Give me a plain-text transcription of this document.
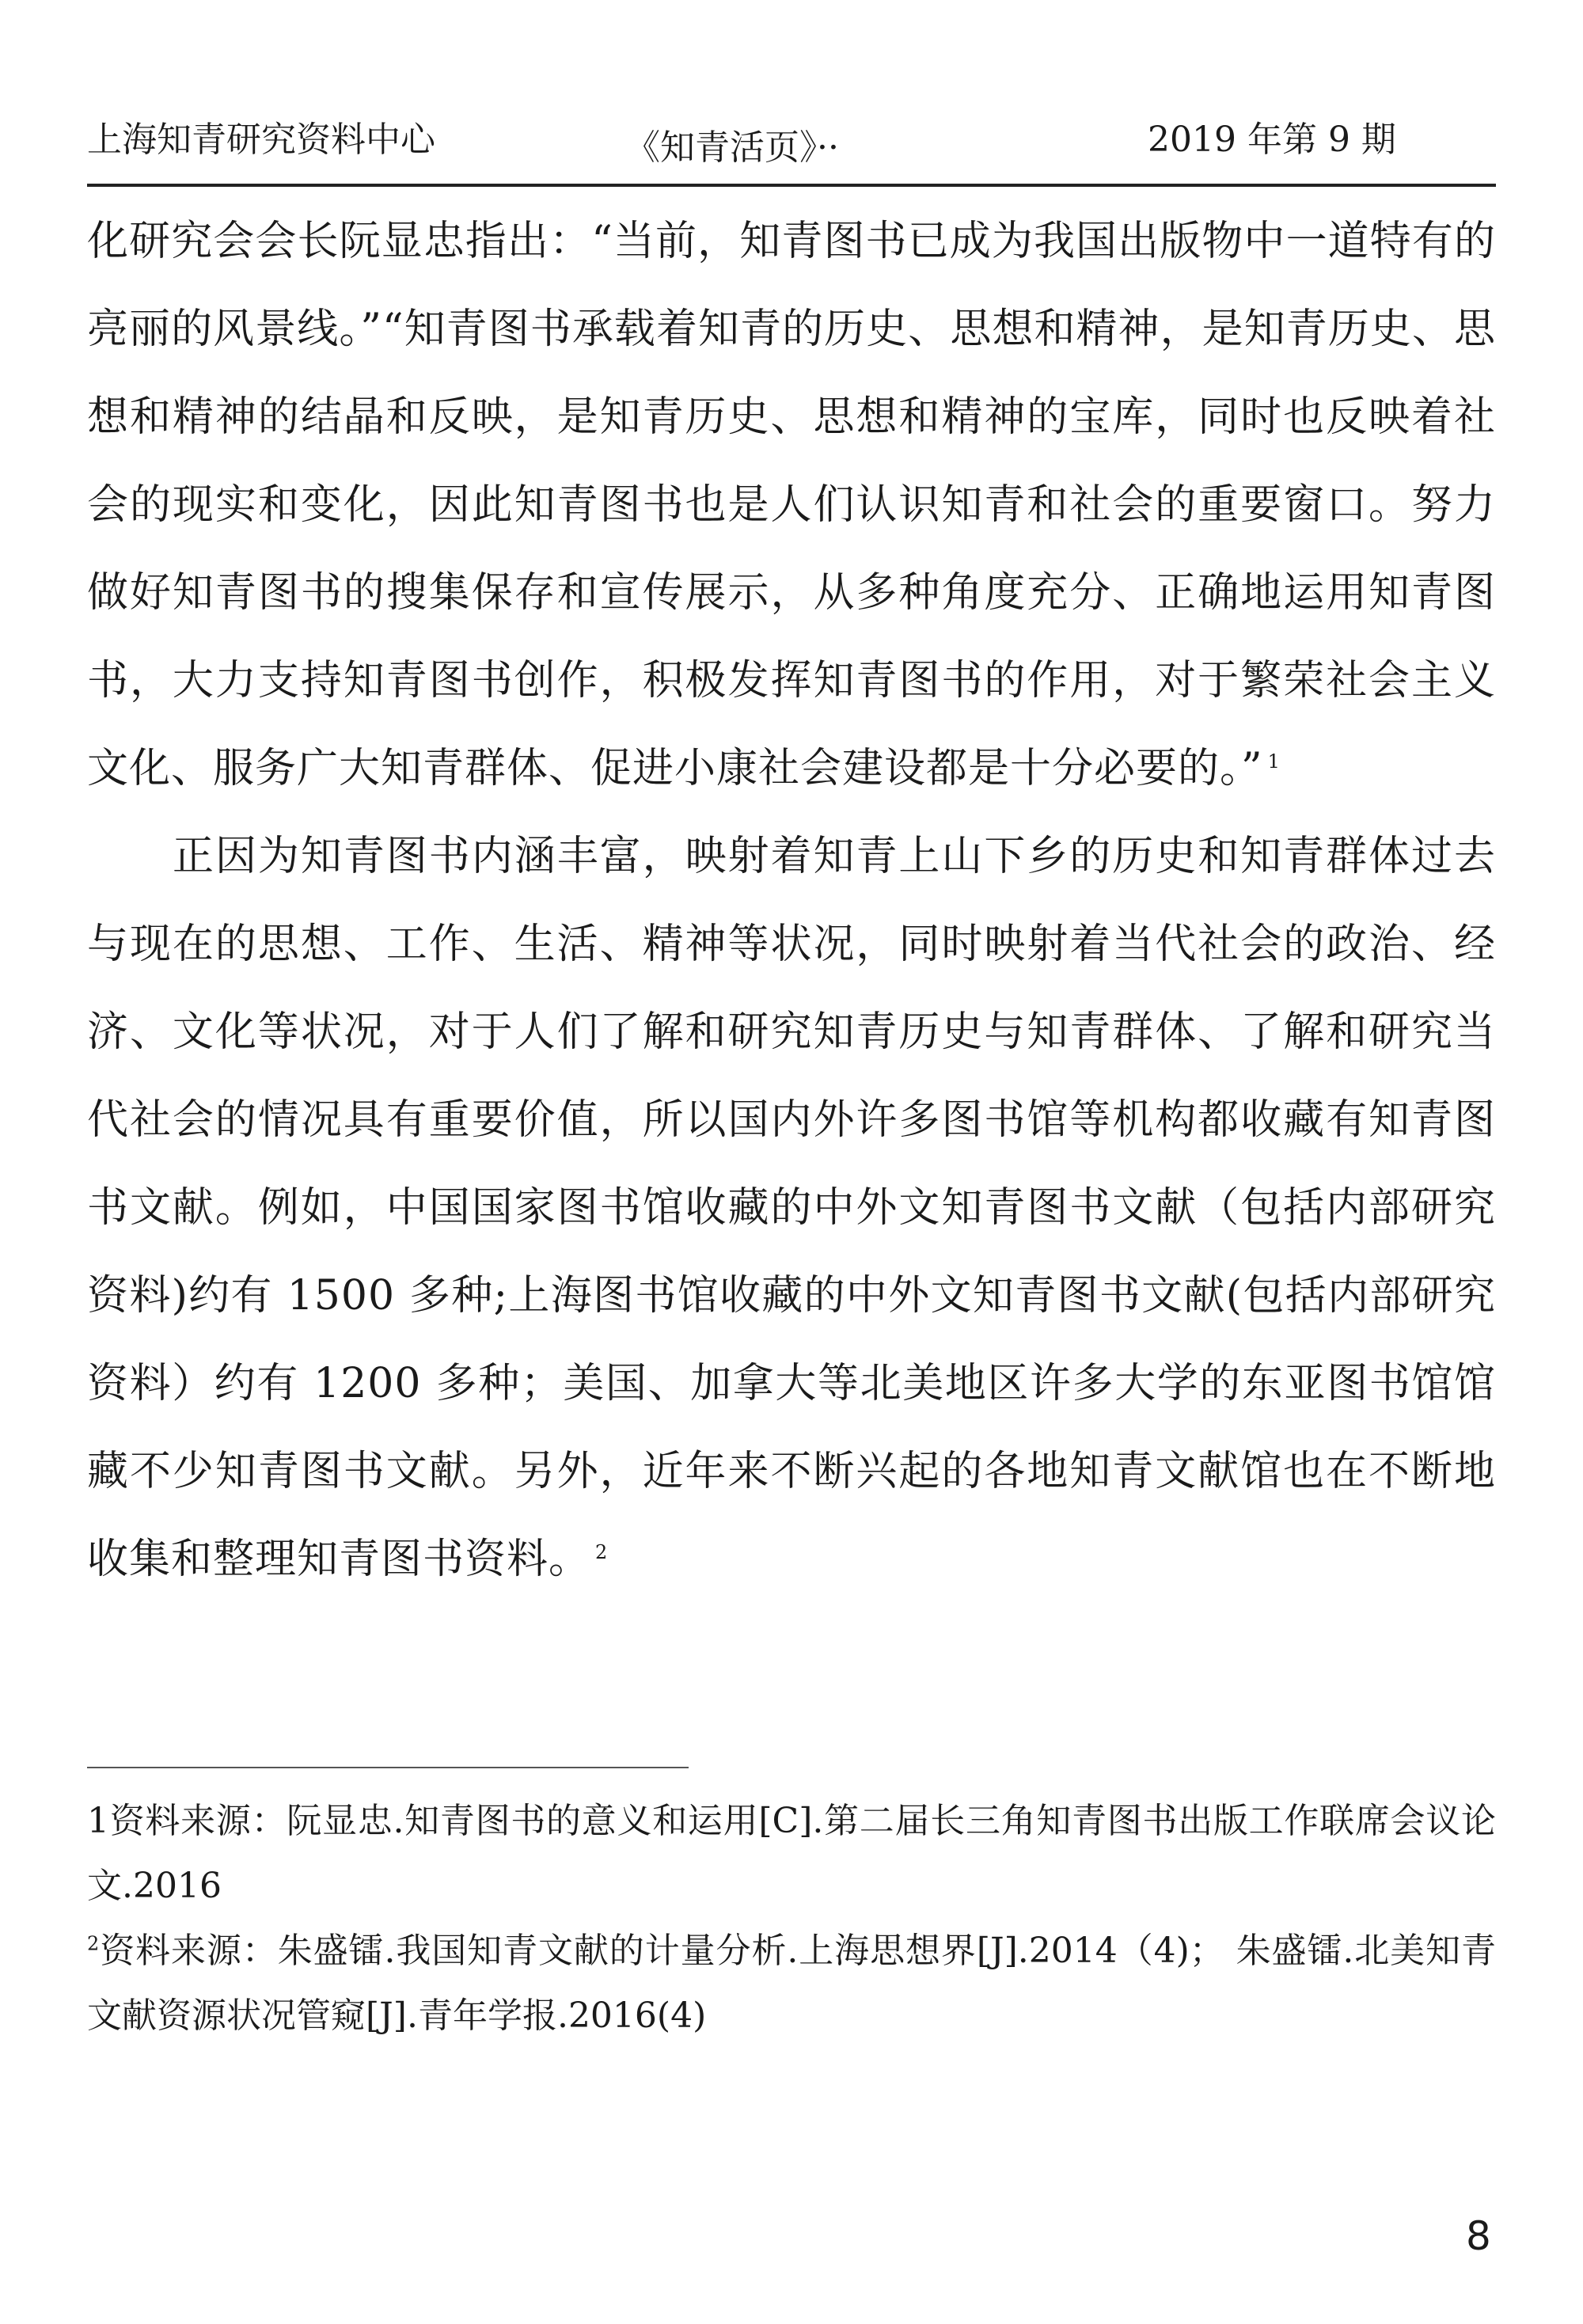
上海知青研究资料中心	《知青活页》··	2019 年第 9 期

化研究会会长阮显忠指出：“当前，知青图书已成为我国出版物中一道特有的亮丽的风景线。”“知青图书承载着知青的历史、思想和精神，是知青历史、思想和精神的结晶和反映，是知青历史、思想和精神的宝库，同时也反映着社会的现实和变化，因此知青图书也是人们认识知青和社会的重要窗口。努力做好知青图书的搜集保存和宣传展示，从多种角度充分、正确地运用知青图书，大力支持知青图书创作，积极发挥知青图书的作用，对于繁荣社会主义文化、服务广大知青群体、促进小康社会建设都是十分必要的。” $^1$

正因为知青图书内涵丰富，映射着知青上山下乡的历史和知青群体过去与现在的思想、工作、生活、精神等状况，同时映射着当代社会的政治、经济、文化等状况，对于人们了解和研究知青历史与知青群体、了解和研究当代社会的情况具有重要价值，所以国内外许多图书馆等机构都收藏有知青图书文献。例如，中国国家图书馆收藏的中外文知青图书文献（包括内部研究资料)约有 1500 多种;上海图书馆收藏的中外文知青图书文献(包括内部研究资料）约有 1200 多种；美国、加拿大等北美地区许多大学的东亚图书馆馆藏不少知青图书文献。另外，近年来不断兴起的各地知青文献馆也在不断地收集和整理知青图书资料。 $^2$

1资料来源：阮显忠.知青图书的意义和运用[C].第二届长三角知青图书出版工作联席会议论文.2016

$^2$资料来源：朱盛镭.我国知青文献的计量分析.上海思想界[J].2014（4)； 朱盛镭.北美知青文献资源状况管窥[J].青年学报.2016(4)

8
